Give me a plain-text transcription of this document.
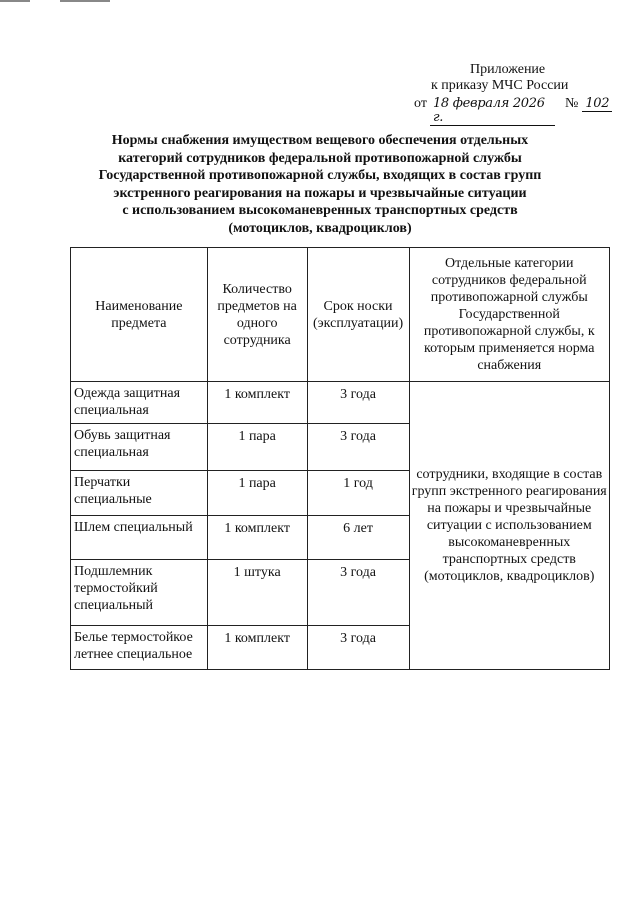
Приложение
к приказу МЧС России
от 18 февраля 2026 г.
№ 102
Нормы снабжения имуществом вещевого обеспечения отдельных
категорий сотрудников федеральной противопожарной службы
Государственной противопожарной службы, входящих в состав групп
экстренного реагирования на пожары и чрезвычайные ситуации
с использованием высокоманевренных транспортных средств
(мотоциклов, квадроциклов)
Наименование предмета	Количество предметов на одного сотрудника	Срок носки (эксплуатации)	Отдельные категории сотрудников федеральной противопожарной службы Государственной противопожарной службы, к которым применяется норма снабжения
Одежда защитная специальная	1 комплект	3 года	сотрудники, входящие в состав групп экстренного реагирования на пожары и чрезвычайные ситуации с использованием высокоманевренных транспортных средств (мотоциклов, квадроциклов)
Обувь защитная специальная	1 пара	3 года	
Перчатки специальные	1 пара	1 год	
Шлем специальный	1 комплект	6 лет	
Подшлемник термостойкий специальный	1 штука	3 года	
Белье термостойкое летнее специальное	1 комплект	3 года	
